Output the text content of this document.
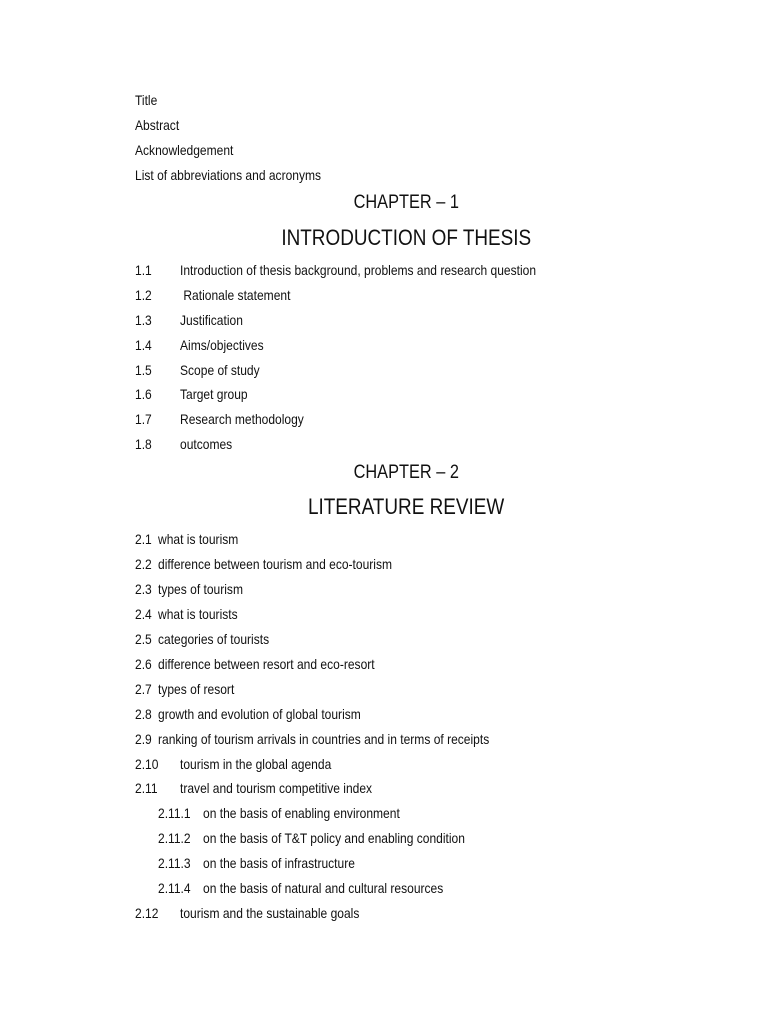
Title
Abstract
Acknowledgement
List of abbreviations and acronyms
CHAPTER – 1
INTRODUCTION OF THESIS
1.1 Introduction of thesis background, problems and research question
1.2 Rationale statement
1.3 Justification
1.4 Aims/objectives
1.5 Scope of study
1.6 Target group
1.7 Research methodology
1.8 outcomes
CHAPTER – 2
LITERATURE REVIEW
2.1 what is tourism
2.2 difference between tourism and eco-tourism
2.3 types of tourism
2.4 what is tourists
2.5 categories of tourists
2.6 difference between resort and eco-resort
2.7 types of resort
2.8 growth and evolution of global tourism
2.9 ranking of tourism arrivals in countries and in terms of receipts
2.10 tourism in the global agenda
2.11 travel and tourism competitive index
2.11.1 on the basis of enabling environment
2.11.2 on the basis of T&T policy and enabling condition
2.11.3 on the basis of infrastructure
2.11.4 on the basis of natural and cultural resources
2.12 tourism and the sustainable goals
